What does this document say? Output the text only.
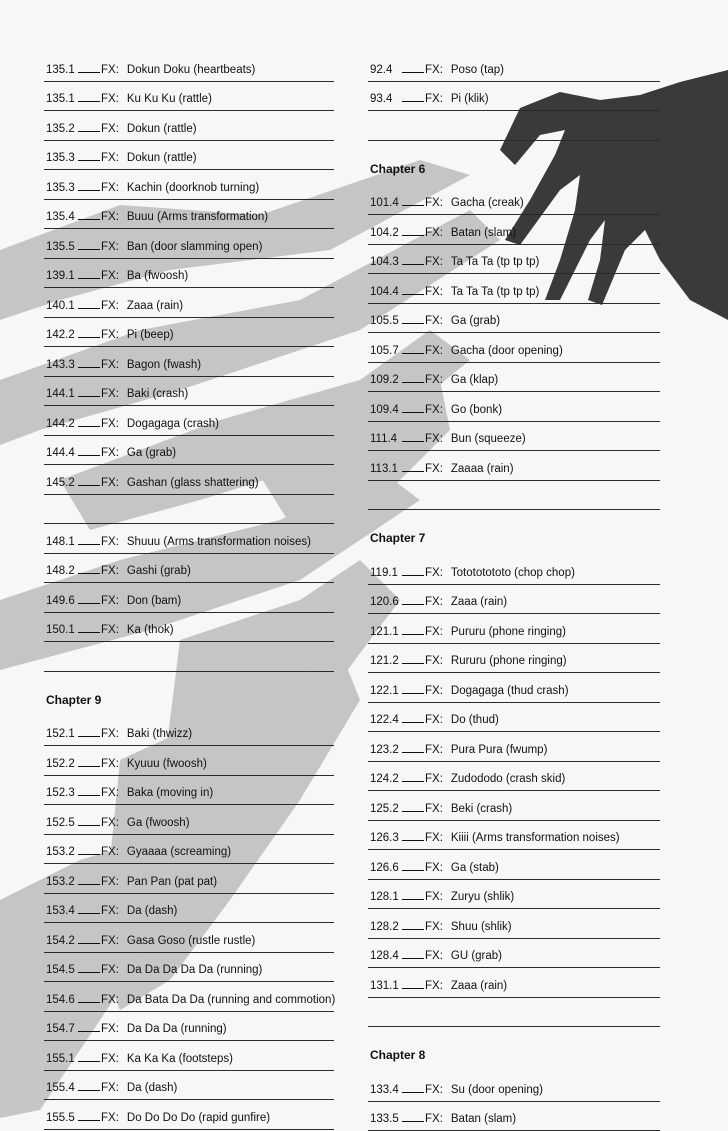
135.1 FX: Dokun Doku (heartbeats)
135.1 FX: Ku Ku Ku (rattle)
135.2 FX: Dokun (rattle)
135.3 FX: Dokun (rattle)
135.3 FX: Kachin (doorknob turning)
135.4 FX: Buuu (Arms transformation)
135.5 FX: Ban (door slamming open)
139.1 FX: Ba (fwoosh)
140.1 FX: Zaaa (rain)
142.2 FX: Pi (beep)
143.3 FX: Bagon (fwash)
144.1 FX: Baki (crash)
144.2 FX: Dogagaga (crash)
144.4 FX: Ga (grab)
145.2 FX: Gashan (glass shattering)
148.1 FX: Shuuu (Arms transformation noises)
148.2 FX: Gashi (grab)
149.6 FX: Don (bam)
150.1 FX: Ka (thok)
Chapter 9
152.1 FX: Baki (thwizz)
152.2 FX: Kyuuu (fwoosh)
152.3 FX: Baka (moving in)
152.5 FX: Ga (fwoosh)
153.2 FX: Gyaaaa (screaming)
153.2 FX: Pan Pan (pat pat)
153.4 FX: Da (dash)
154.2 FX: Gasa Goso (rustle rustle)
154.5 FX: Da Da Da Da Da (running)
154.6 FX: Da Bata Da Da (running and commotion)
154.7 FX: Da Da Da (running)
155.1 FX: Ka Ka Ka (footsteps)
155.4 FX: Da (dash)
155.5 FX: Do Do Do Do (rapid gunfire)
92.4	FX: Poso (tap)
93.4	FX: Pi (klik)
Chapter 6
101.4 FX: Gacha (creak)
104.2 FX: Batan (slam)
104.3 FX: Ta Ta Ta (tp tp tp)
104.4 FX: Ta Ta Ta (tp tp tp)
105.5 FX: Ga (grab)
105.7 FX: Gacha (door opening)
109.2 FX: Ga (klap)
109.4 FX: Go (bonk)
111.4	FX: Bun (squeeze)
113.1	FX: Zaaaa (rain)
Chapter 7
119.1	FX: Totototototo (chop chop)
120.6 FX: Zaaa (rain)
121.1 FX: Pururu (phone ringing)
121.2 FX: Rururu (phone ringing)
122.1 FX: Dogagaga (thud crash)
122.4 FX: Do (thud)
123.2 FX: Pura Pura (fwump)
124.2 FX: Zudododo (crash skid)
125.2 FX: Beki (crash)
126.3 FX: Kiiii (Arms transformation noises)
126.6 FX: Ga (stab)
128.1 FX: Zuryu (shlik)
128.2 FX: Shuu (shlik)
128.4 FX: GU (grab)
131.1 FX: Zaaa (rain)
Chapter 8
133.4 FX: Su (door opening)
133.5 FX: Batan (slam)
